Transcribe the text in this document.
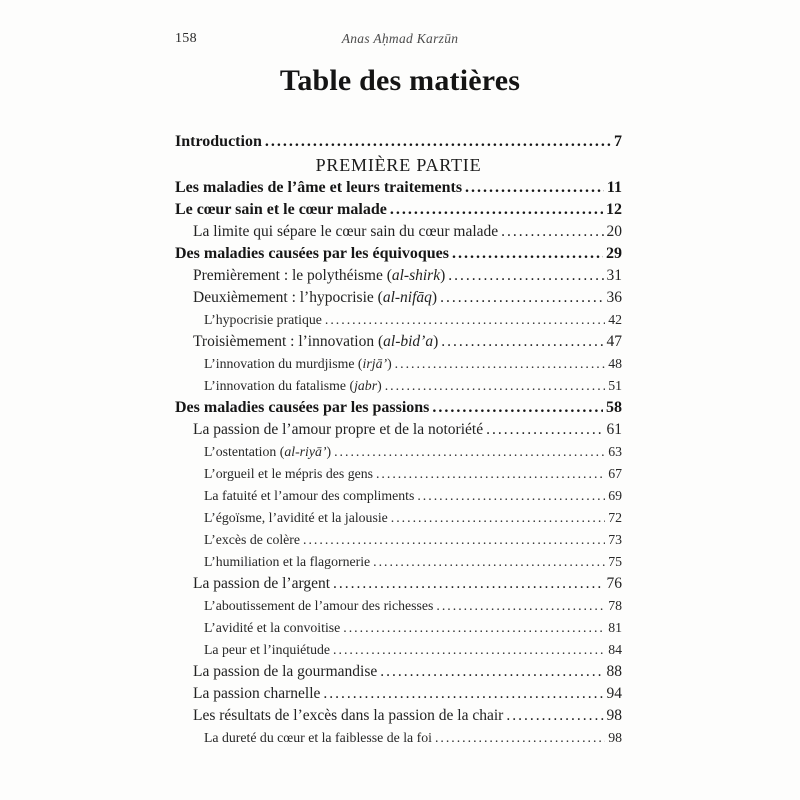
158	Anas Aḥmad Karzūn
Table des matières
Introduction .....	7
PREMIÈRE PARTIE
Les maladies de l’âme et leurs traitements .....	11
Le cœur sain et le cœur malade .....	12
La limite qui sépare le cœur sain du cœur malade .....	20
Des maladies causées par les équivoques .....	29
Premièrement : le polythéisme (al-shirk) .....	31
Deuxièmement : l’hypocrisie (al-nifāq) .....	36
L’hypocrisie pratique .....	42
Troisièmement : l’innovation (al-bid’a) .....	47
L’innovation du murdjisme (irjā’) .....	48
L’innovation du fatalisme (jabr) .....	51
Des maladies causées par les passions .....	58
La passion de l’amour propre et de la notoriété .....	61
L’ostentation (al-riyā’) .....	63
L’orgueil et le mépris des gens .....	67
La fatuité et l’amour des compliments .....	69
L’égoïsme, l’avidité et la jalousie .....	72
L’excès de colère .....	73
L’humiliation et la flagornerie .....	75
La passion de l’argent .....	76
L’aboutissement de l’amour des richesses .....	78
L’avidité et la convoitise .....	81
La peur et l’inquiétude .....	84
La passion de la gourmandise .....	88
La passion charnelle .....	94
Les résultats de l’excès dans la passion de la chair .....	98
La dureté du cœur et la faiblesse de la foi .....	98
